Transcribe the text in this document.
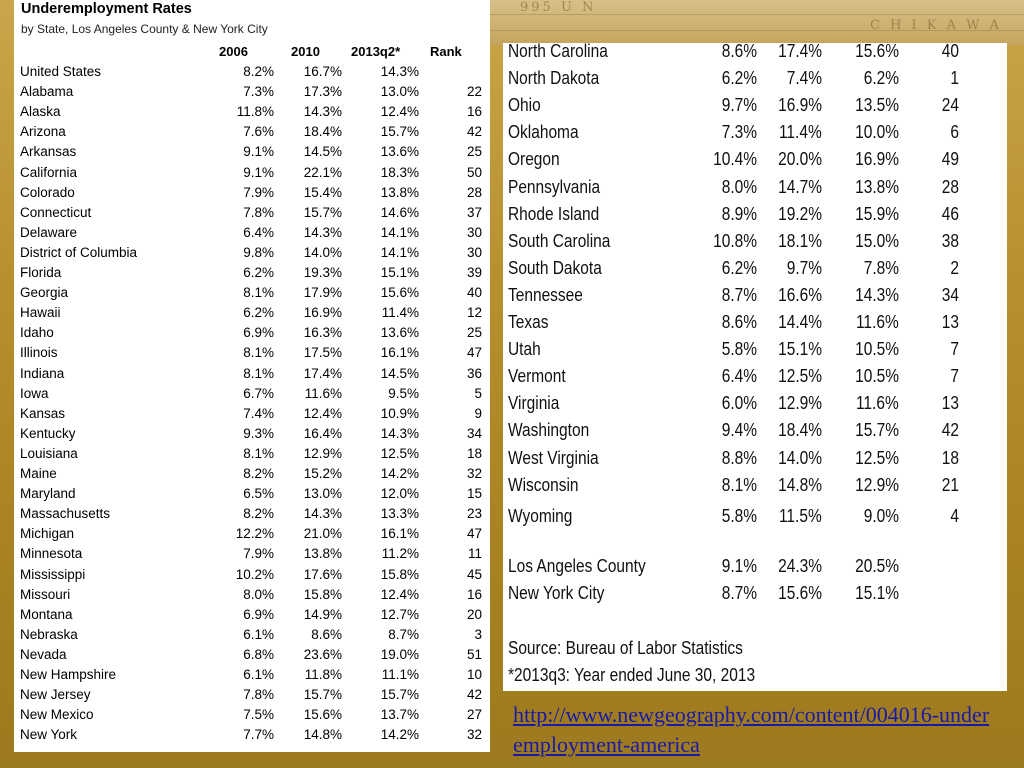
995 U N
C H I K A W A
Underemployment Rates
by State, Los Angeles County & New York City
2006	2010 2013q2* Rank
United States	8.2% 16.7%	14.3%
Alabama	7.3% 17.3%	13.0%	22
Alaska	11.8% 14.3%	12.4%	16
Arizona	7.6% 18.4%	15.7%	42
Arkansas	9.1% 14.5%	13.6%	25
California	9.1% 22.1%	18.3%	50
Colorado	7.9% 15.4%	13.8%	28
Connecticut	7.8% 15.7%	14.6%	37
Delaware	6.4% 14.3%	14.1%	30
District of Columbia	9.8% 14.0%	14.1%	30
Florida	6.2% 19.3%	15.1%	39
Georgia	8.1% 17.9%	15.6%	40
Hawaii	6.2% 16.9%	11.4%	12
Idaho	6.9% 16.3%	13.6%	25
Illinois	8.1% 17.5%	16.1%	47
Indiana	8.1% 17.4%	14.5%	36
Iowa	6.7% 11.6%	9.5%	5
Kansas	7.4% 12.4%	10.9%	9
Kentucky	9.3% 16.4%	14.3%	34
Louisiana	8.1% 12.9%	12.5%	18
Maine	8.2% 15.2%	14.2%	32
Maryland	6.5% 13.0%	12.0%	15
Massachusetts	8.2% 14.3%	13.3%	23
Michigan	12.2% 21.0%	16.1%	47
Minnesota	7.9% 13.8%	11.2%	11
Mississippi	10.2% 17.6%	15.8%	45
Missouri	8.0% 15.8%	12.4%	16
Montana	6.9% 14.9%	12.7%	20
Nebraska	6.1%	8.6%	8.7%	3
Nevada	6.8% 23.6%	19.0%	51
New Hampshire	6.1% 11.8%	11.1%	10
New Jersey	7.8% 15.7%	15.7%	42
New Mexico	7.5% 15.6%	13.7%	27
New York	7.7% 14.8%	14.2%	32
North Carolina	8.6% 17.4% 15.6% 40
North Dakota	6.2% 7.4% 6.2%	1
Ohio	9.7% 16.9% 13.5% 24
Oklahoma	7.3% 11.4% 10.0%	6
Oregon	10.4% 20.0% 16.9% 49
Pennsylvania	8.0% 14.7% 13.8% 28
Rhode Island	8.9% 19.2% 15.9% 46
South Carolina	10.8% 18.1% 15.0% 38
South Dakota	6.2% 9.7% 7.8%	2
Tennessee	8.7% 16.6% 14.3% 34
Texas	8.6% 14.4% 11.6% 13
Utah	5.8% 15.1% 10.5%	7
Vermont	6.4% 12.5% 10.5%	7
Virginia	6.0% 12.9% 11.6% 13
Washington	9.4% 18.4% 15.7% 42
West Virginia	8.8% 14.0% 12.5% 18
Wisconsin	8.1% 14.8% 12.9% 21
Wyoming	5.8% 11.5% 9.0%	4
Los Angeles County	9.1% 24.3% 20.5%
New York City	8.7% 15.6% 15.1%
Source: Bureau of Labor Statistics
*2013q3: Year ended June 30, 2013
http://www.newgeography.com/content/004016-underemployment-america
